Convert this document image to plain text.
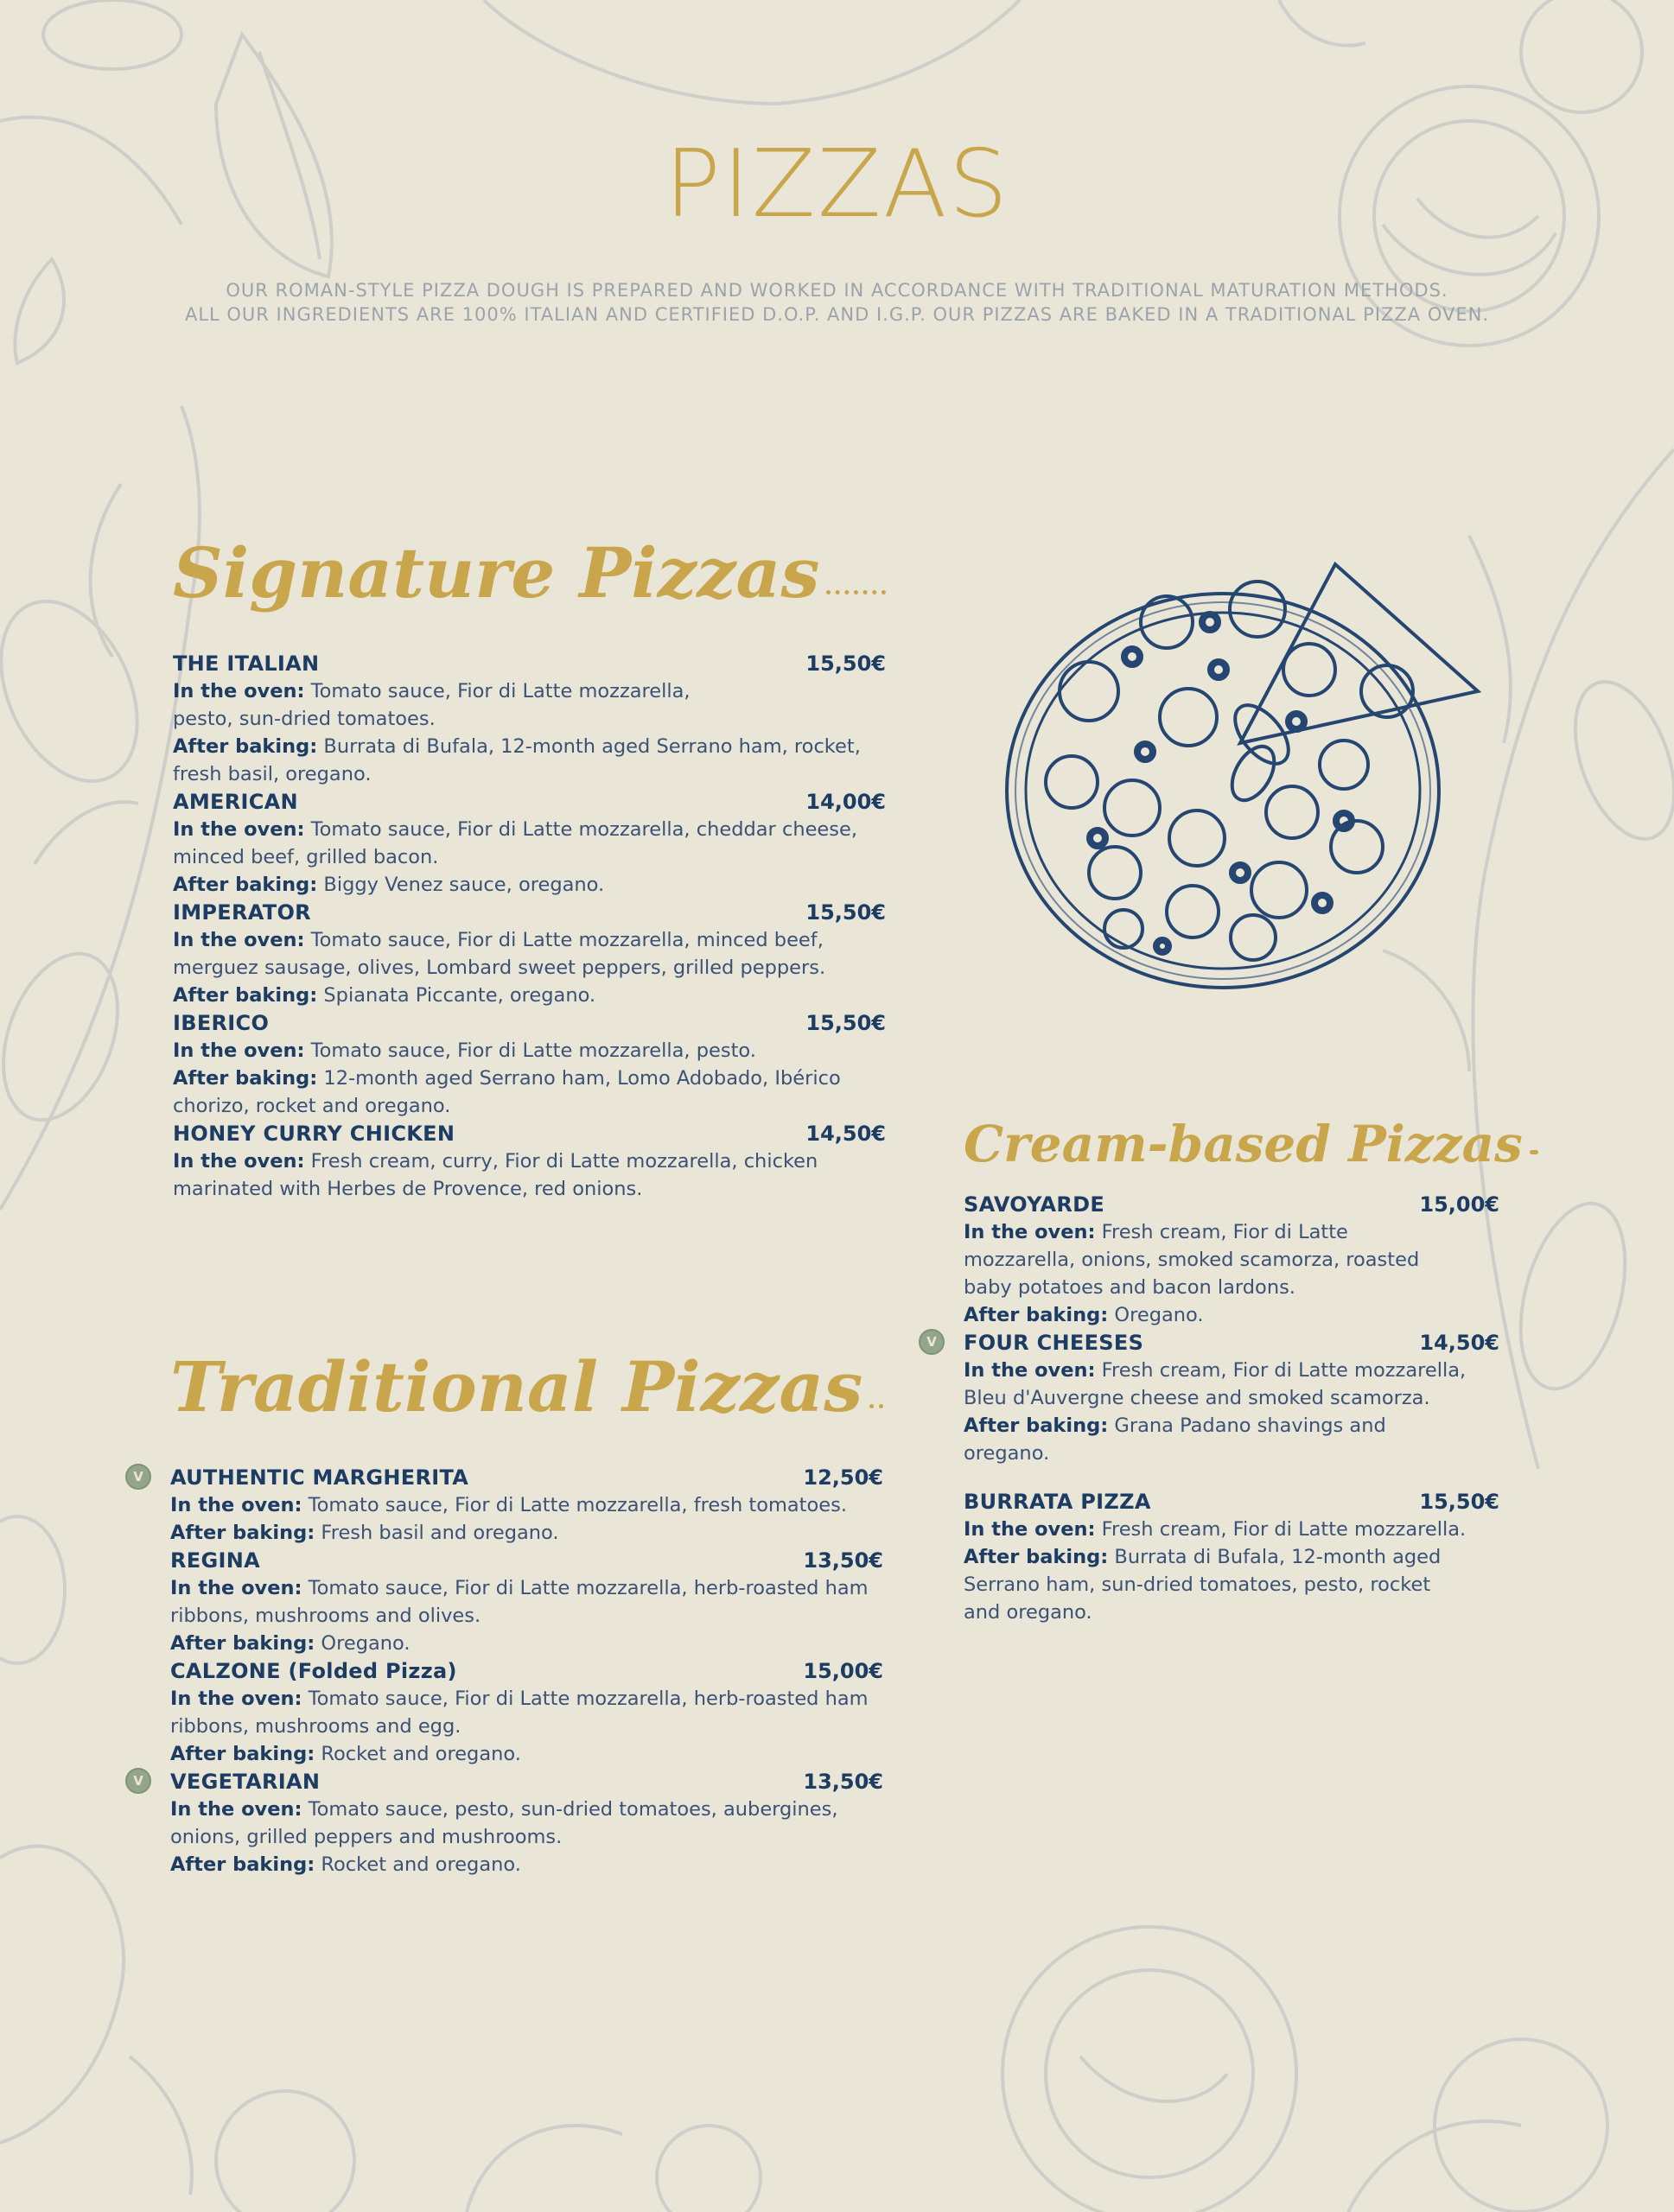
PIZZAS
OUR ROMAN-STYLE PIZZA DOUGH IS PREPARED AND WORKED IN ACCORDANCE WITH TRADITIONAL MATURATION METHODS.
ALL OUR INGREDIENTS ARE 100% ITALIAN AND CERTIFIED D.O.P. AND I.G.P. OUR PIZZAS ARE BAKED IN A TRADITIONAL PIZZA OVEN.
Signature Pizzas
THE ITALIAN	15,50€

In the oven: Tomato sauce, Fior di Latte mozzarella,

pesto, sun-dried tomatoes.

After baking: Burrata di Bufala, 12-month aged Serrano ham, rocket,

fresh basil, oregano.

AMERICAN	14,00€

In the oven: Tomato sauce, Fior di Latte mozzarella, cheddar cheese,

minced beef, grilled bacon.

After baking: Biggy Venez sauce, oregano.

IMPERATOR	15,50€

In the oven: Tomato sauce, Fior di Latte mozzarella, minced beef,

merguez sausage, olives, Lombard sweet peppers, grilled peppers.

After baking: Spianata Piccante, oregano.

IBERICO	15,50€

In the oven: Tomato sauce, Fior di Latte mozzarella, pesto.

After baking: 12-month aged Serrano ham, Lomo Adobado, Ibérico

chorizo, rocket and oregano.

HONEY CURRY CHICKEN	14,50€

In the oven: Fresh cream, curry, Fior di Latte mozzarella, chicken

marinated with Herbes de Provence, red onions.

Traditional Pizzas
V AUTHENTIC MARGHERITA	12,50€

In the oven: Tomato sauce, Fior di Latte mozzarella, fresh tomatoes.

After baking: Fresh basil and oregano.

REGINA	13,50€

In the oven: Tomato sauce, Fior di Latte mozzarella, herb-roasted ham

ribbons, mushrooms and olives.

After baking: Oregano.

CALZONE (Folded Pizza)	15,00€

In the oven: Tomato sauce, Fior di Latte mozzarella, herb-roasted ham

ribbons, mushrooms and egg.

After baking: Rocket and oregano.

V VEGETARIAN	13,50€

In the oven: Tomato sauce, pesto, sun-dried tomatoes, aubergines,

onions, grilled peppers and mushrooms.

After baking: Rocket and oregano.

Cream-based Pizzas
SAVOYARDE	15,00€

In the oven: Fresh cream, Fior di Latte

mozzarella, onions, smoked scamorza, roasted

baby potatoes and bacon lardons.

After baking: Oregano.

V FOUR CHEESES	14,50€

In the oven: Fresh cream, Fior di Latte mozzarella,

Bleu d'Auvergne cheese and smoked scamorza.

After baking: Grana Padano shavings and

oregano.

BURRATA PIZZA	15,50€

In the oven: Fresh cream, Fior di Latte mozzarella.

After baking: Burrata di Bufala, 12-month aged

Serrano ham, sun-dried tomatoes, pesto, rocket

and oregano.
